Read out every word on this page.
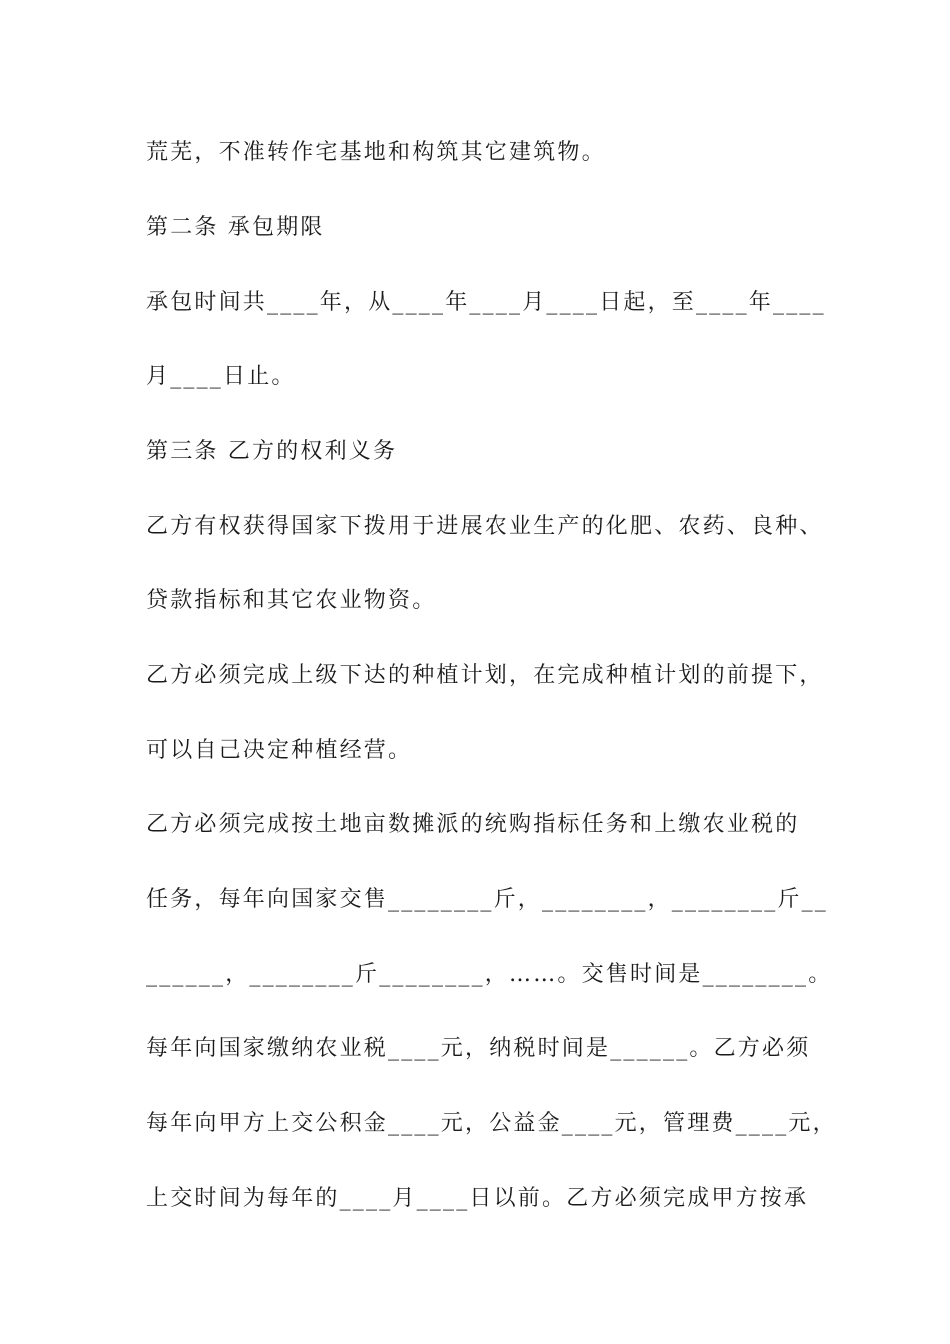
荒芜，不准转作宅基地和构筑其它建筑物。

第二条 承包期限

承包时间共____年，从____年____月____日起，至____年____

月____日止。

第三条 乙方的权利义务

乙方有权获得国家下拨用于进展农业生产的化肥、农药、良种、

贷款指标和其它农业物资。

乙方必须完成上级下达的种植计划，在完成种植计划的前提下，

可以自己决定种植经营。

乙方必须完成按土地亩数摊派的统购指标任务和上缴农业税的

任务，每年向国家交售________斤，________，________斤__

______，________斤________，……。交售时间是________。

每年向国家缴纳农业税____元，纳税时间是______。乙方必须

每年向甲方上交公积金____元，公益金____元，管理费____元，

上交时间为每年的____月____日以前。乙方必须完成甲方按承
